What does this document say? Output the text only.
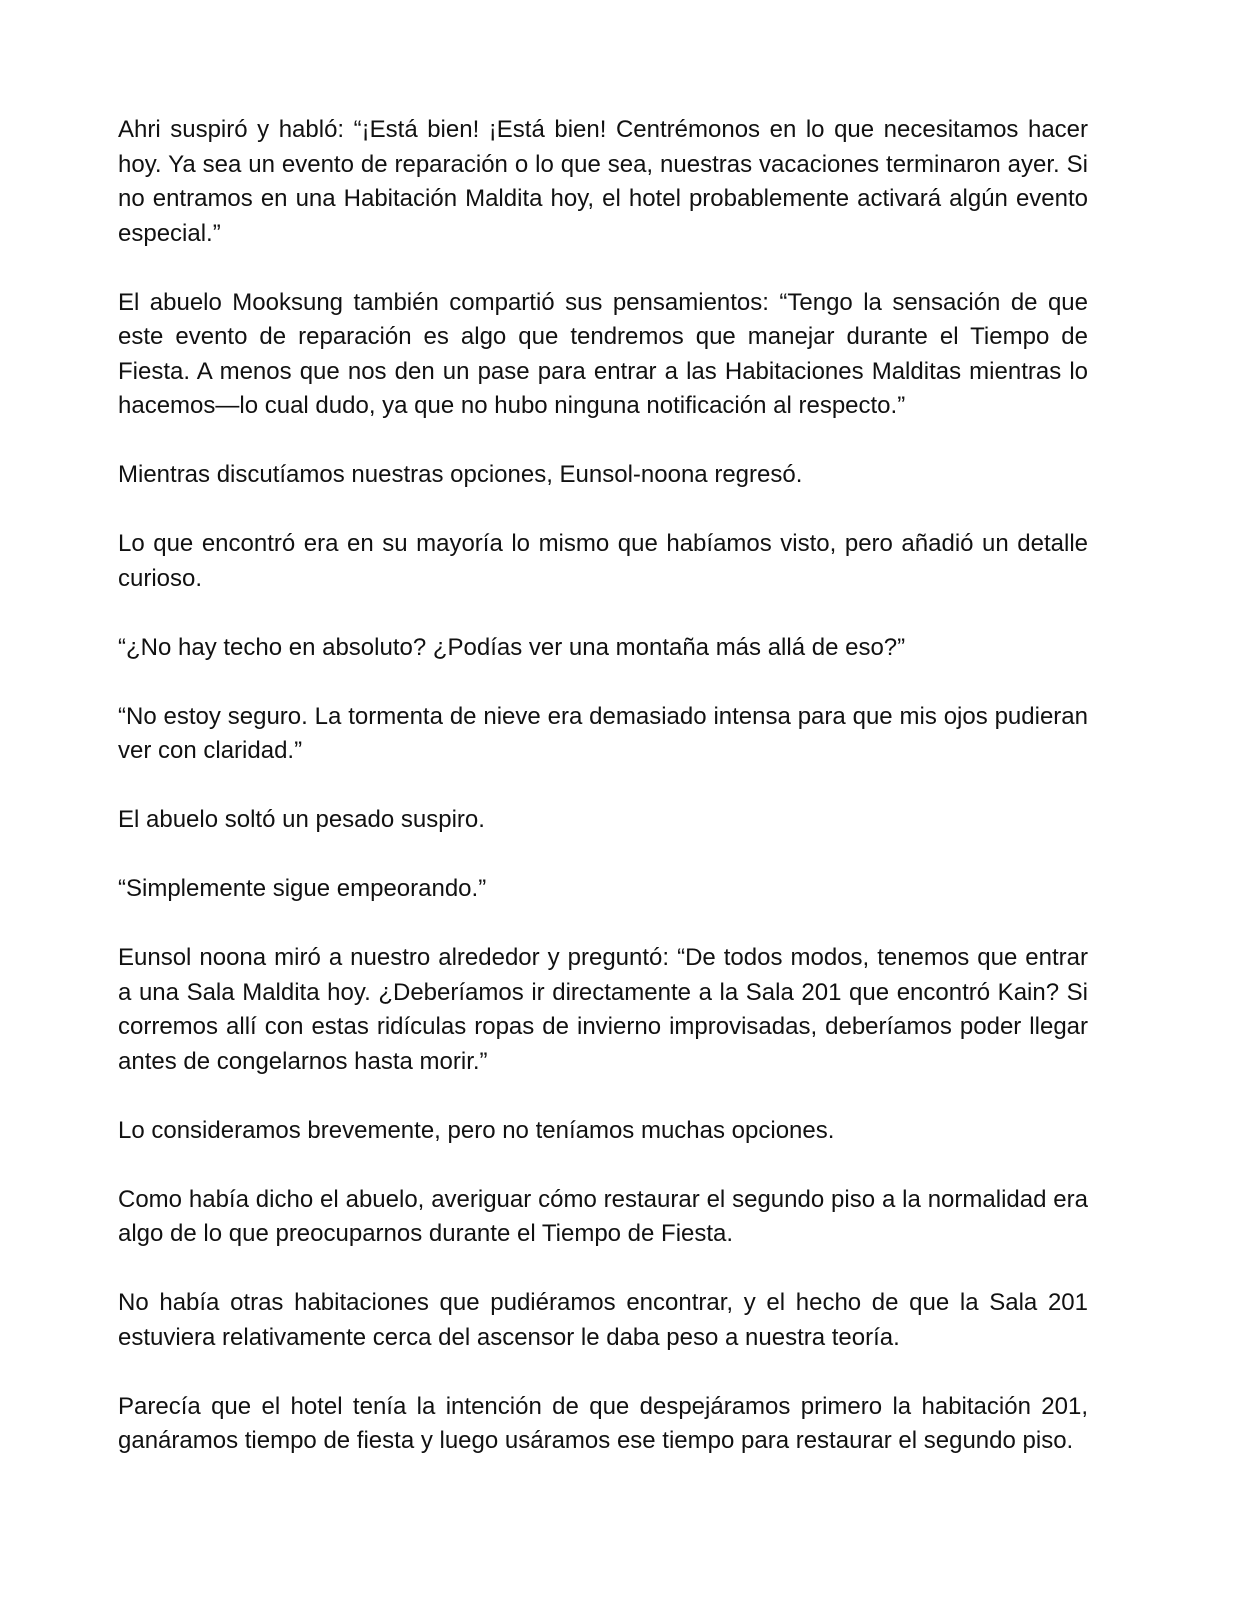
Ahri suspiró y habló: “¡Está bien! ¡Está bien! Centrémonos en lo que necesitamos hacer hoy. Ya sea un evento de reparación o lo que sea, nuestras vacaciones terminaron ayer. Si no entramos en una Habitación Maldita hoy, el hotel probablemente activará algún evento especial.”

El abuelo Mooksung también compartió sus pensamientos: “Tengo la sensación de que este evento de reparación es algo que tendremos que manejar durante el Tiempo de Fiesta. A menos que nos den un pase para entrar a las Habitaciones Malditas mientras lo hacemos—lo cual dudo, ya que no hubo ninguna notificación al respecto.”

Mientras discutíamos nuestras opciones, Eunsol-noona regresó.

Lo que encontró era en su mayoría lo mismo que habíamos visto, pero añadió un detalle curioso.

“¿No hay techo en absoluto? ¿Podías ver una montaña más allá de eso?”

“No estoy seguro. La tormenta de nieve era demasiado intensa para que mis ojos pudieran ver con claridad.”

El abuelo soltó un pesado suspiro.

“Simplemente sigue empeorando.”

Eunsol noona miró a nuestro alrededor y preguntó: “De todos modos, tenemos que entrar a una Sala Maldita hoy. ¿Deberíamos ir directamente a la Sala 201 que encontró Kain? Si corremos allí con estas ridículas ropas de invierno improvisadas, deberíamos poder llegar antes de congelarnos hasta morir.”

Lo consideramos brevemente, pero no teníamos muchas opciones.

Como había dicho el abuelo, averiguar cómo restaurar el segundo piso a la normalidad era algo de lo que preocuparnos durante el Tiempo de Fiesta.

No había otras habitaciones que pudiéramos encontrar, y el hecho de que la Sala 201 estuviera relativamente cerca del ascensor le daba peso a nuestra teoría.

Parecía que el hotel tenía la intención de que despejáramos primero la habitación 201, ganáramos tiempo de fiesta y luego usáramos ese tiempo para restaurar el segundo piso.
